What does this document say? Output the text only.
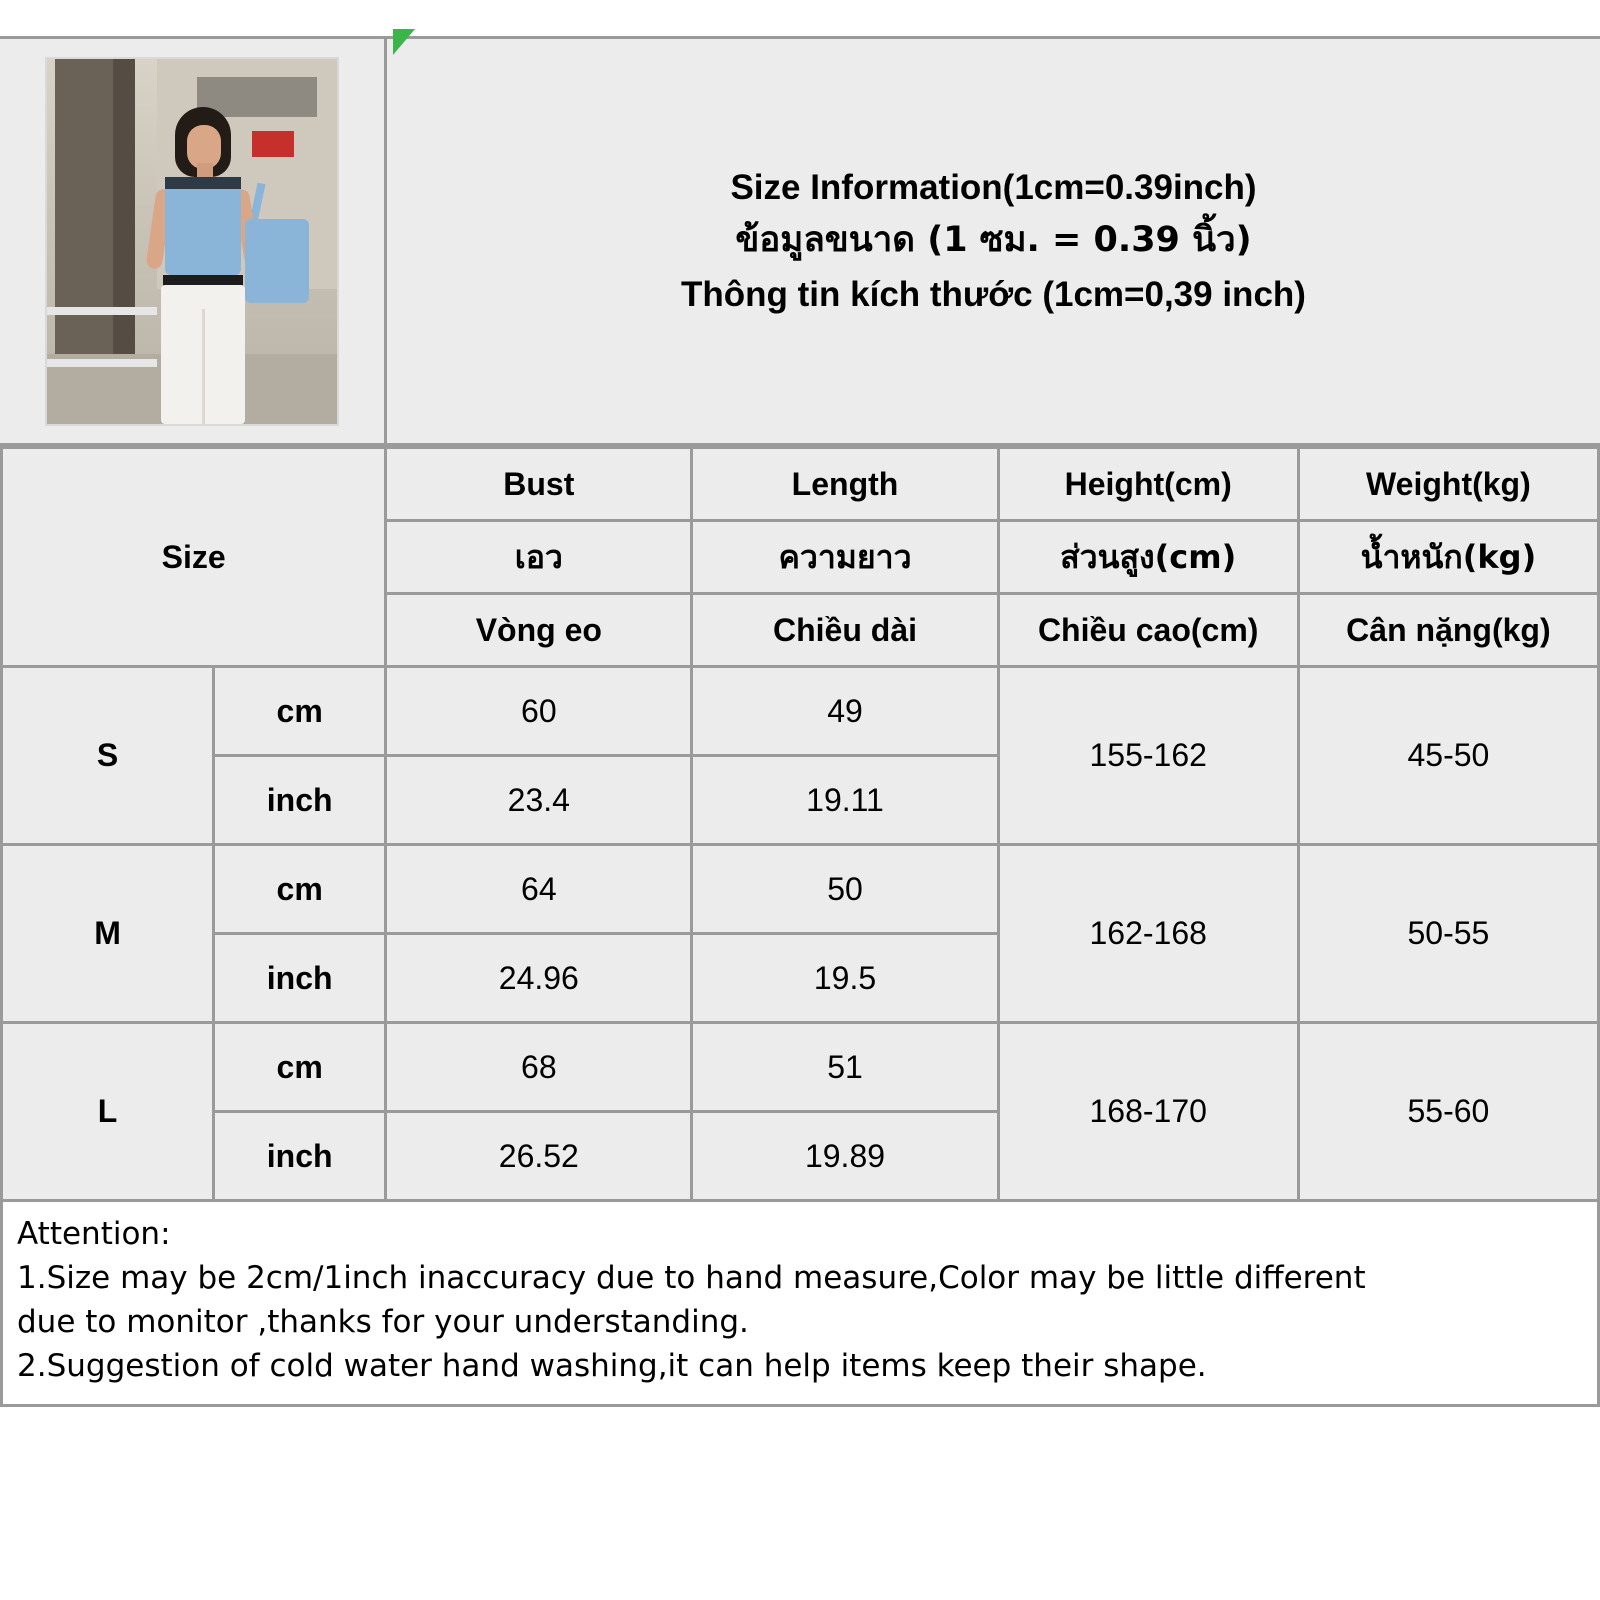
Size Information(1cm=0.39inch)
ข้อมูลขนาด (1 ซม. = 0.39 นิ้ว)
Thông tin kích thước (1cm=0,39 inch)
Size		Bust	Length	Height(cm)	Weight(kg)
		เอว	ความยาว	ส่วนสูง(cm)	น้ำหนัก(kg)
		Vòng eo	Chiều dài	Chiều cao(cm)	Cân nặng(kg)
S	cm	60	49	155-162	45-50
	inch	23.4	19.11		
M	cm	64	50	162-168	50-55
	inch	24.96	19.5		
L	cm	68	51	168-170	55-60
	inch	26.52	19.89		
Attention:
1.Size may be 2cm/1inch inaccuracy due to hand measure,Color may be little different
due to monitor ,thanks for your understanding.
2.Suggestion of cold water hand washing,it can help items keep their shape.
